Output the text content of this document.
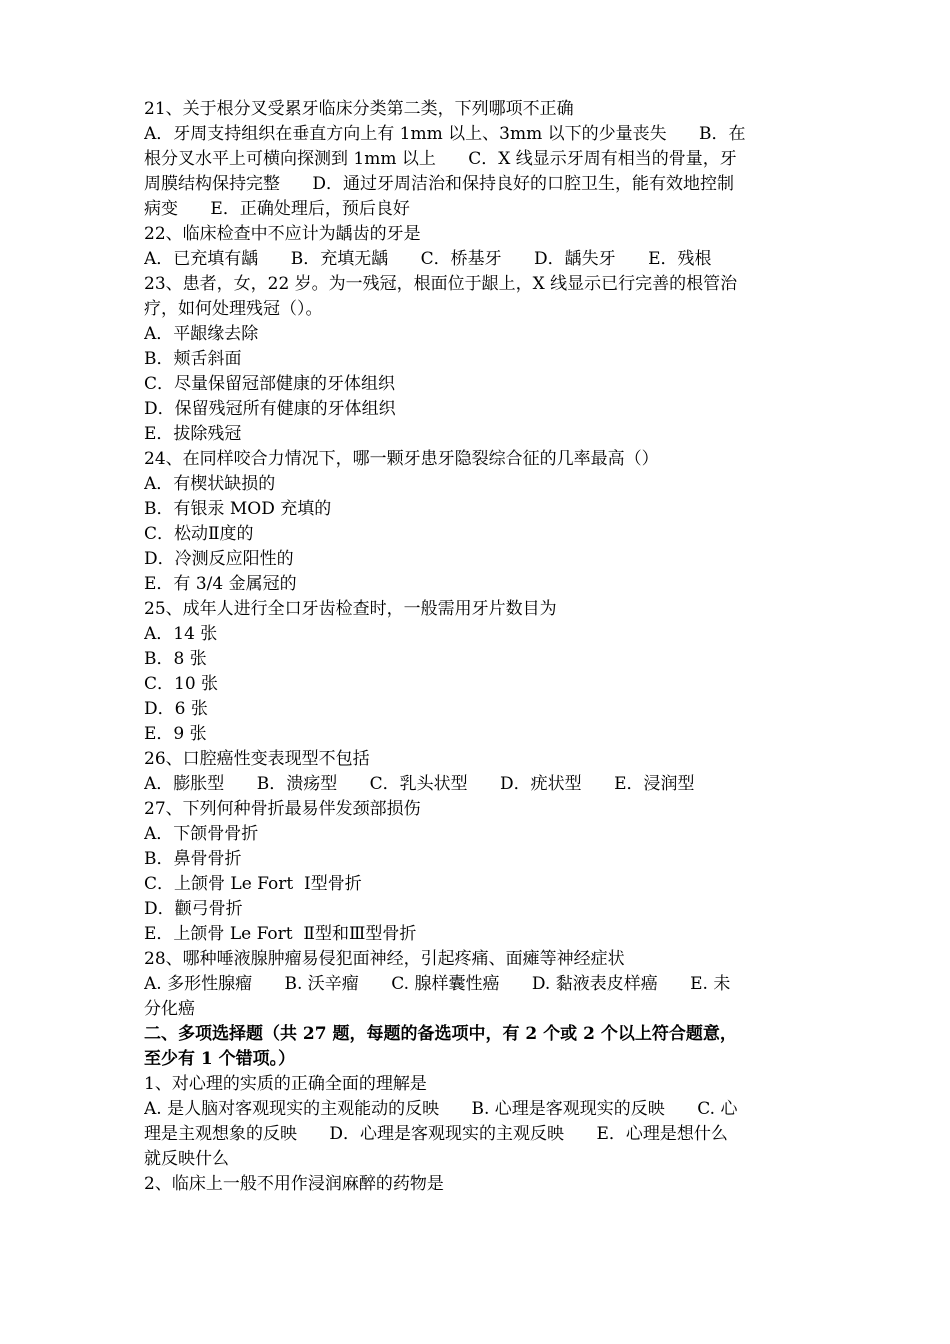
21、关于根分叉受累牙临床分类第二类，下列哪项不正确
A．牙周支持组织在垂直方向上有 1mm 以上、3mm 以下的少量丧失      B．在
根分叉水平上可横向探测到 1mm 以上      C．X 线显示牙周有相当的骨量，牙
周膜结构保持完整      D．通过牙周洁治和保持良好的口腔卫生，能有效地控制
病变      E．正确处理后，预后良好
22、临床检查中不应计为龋齿的牙是
A．已充填有龋      B．充填无龋      C．桥基牙      D．龋失牙      E．残根
23、患者，女，22 岁。为一残冠，根面位于龈上，X 线显示已行完善的根管治
疗，如何处理残冠（）。
A．平龈缘去除
B．颊舌斜面
C．尽量保留冠部健康的牙体组织
D．保留残冠所有健康的牙体组织
E．拔除残冠
24、在同样咬合力情况下，哪一颗牙患牙隐裂综合征的几率最高（）
A．有楔状缺损的
B．有银汞 MOD 充填的
C．松动Ⅱ度的
D．冷测反应阳性的
E．有 3/4 金属冠的
25、成年人进行全口牙齿检查时，一般需用牙片数目为
A．14 张
B．8 张
C．10 张
D．6 张
E．9 张
26、口腔癌性变表现型不包括
A．膨胀型      B．溃疡型      C．乳头状型      D．疣状型      E．浸润型
27、下列何种骨折最易伴发颈部损伤
A．下颌骨骨折
B．鼻骨骨折
C．上颌骨 Le Fort  Ⅰ型骨折
D．颧弓骨折
E．上颌骨 Le Fort  Ⅱ型和Ⅲ型骨折
28、哪种唾液腺肿瘤易侵犯面神经，引起疼痛、面瘫等神经症状
A. 多形性腺瘤      B. 沃辛瘤      C. 腺样囊性癌      D. 黏液表皮样癌      E. 未
分化癌
二、多项选择题（共 27 题，每题的备选项中，有 2 个或 2 个以上符合题意，
至少有 1 个错项。）
1、对心理的实质的正确全面的理解是
A. 是人脑对客观现实的主观能动的反映      B. 心理是客观现实的反映      C. 心
理是主观想象的反映      D．心理是客观现实的主观反映      E．心理是想什么
就反映什么
2、临床上一般不用作浸润麻醉的药物是
